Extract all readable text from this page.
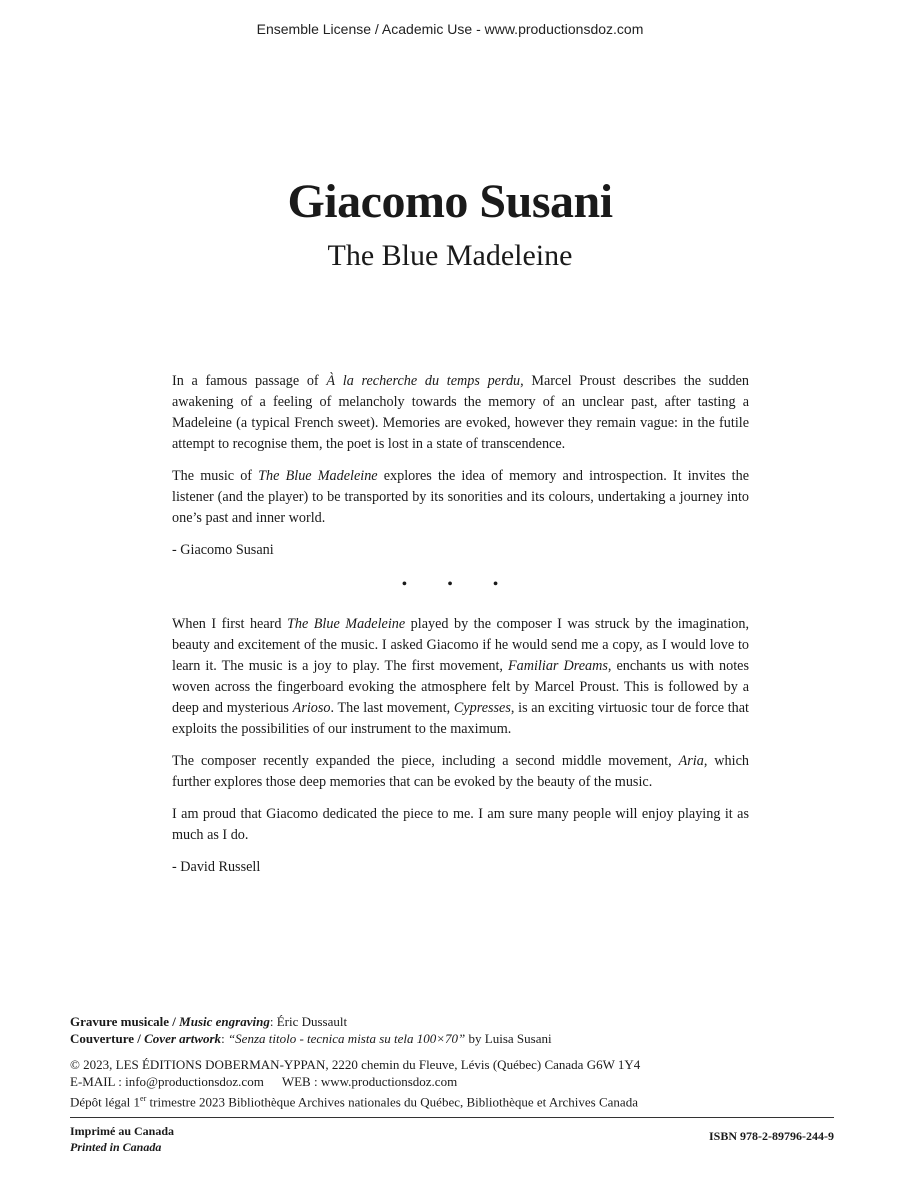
Ensemble License / Academic Use - www.productionsdoz.com
Giacomo Susani
The Blue Madeleine

In a famous passage of À la recherche du temps perdu, Marcel Proust describes the sudden awakening of a feeling of melancholy towards the memory of an unclear past, after tasting a Madeleine (a typical French sweet). Memories are evoked, however they remain vague: in the futile attempt to recognise them, the poet is lost in a state of transcendence.

The music of The Blue Madeleine explores the idea of memory and introspection. It invites the listener (and the player) to be transported by its sonorities and its colours, undertaking a journey into one’s past and inner world.

- Giacomo Susani

• • •

When I first heard The Blue Madeleine played by the composer I was struck by the imagination, beauty and excitement of the music. I asked Giacomo if he would send me a copy, as I would love to learn it. The music is a joy to play. The first movement, Familiar Dreams, enchants us with notes woven across the fingerboard evoking the atmosphere felt by Marcel Proust. This is followed by a deep and mysterious Arioso. The last movement, Cypresses, is an exciting virtuosic tour de force that exploits the possibilities of our instrument to the maximum.

The composer recently expanded the piece, including a second middle movement, Aria, which further explores those deep memories that can be evoked by the beauty of the music.

I am proud that Giacomo dedicated the piece to me. I am sure many people will enjoy playing it as much as I do.

- David Russell

Gravure musicale / Music engraving: Éric Dussault
Couverture / Cover artwork: “Senza titolo - tecnica mista su tela 100×70” by Luisa Susani
© 2023, LES ÉDITIONS DOBERMAN-YPPAN, 2220 chemin du Fleuve, Lévis (Québec) Canada G6W 1Y4
E-MAIL : info@productionsdoz.com WEB : www.productionsdoz.com
Dépôt légal 1er trimestre 2023 Bibliothèque Archives nationales du Québec, Bibliothèque et Archives Canada
Imprimé au Canada
Printed in Canada
ISBN 978-2-89796-244-9
